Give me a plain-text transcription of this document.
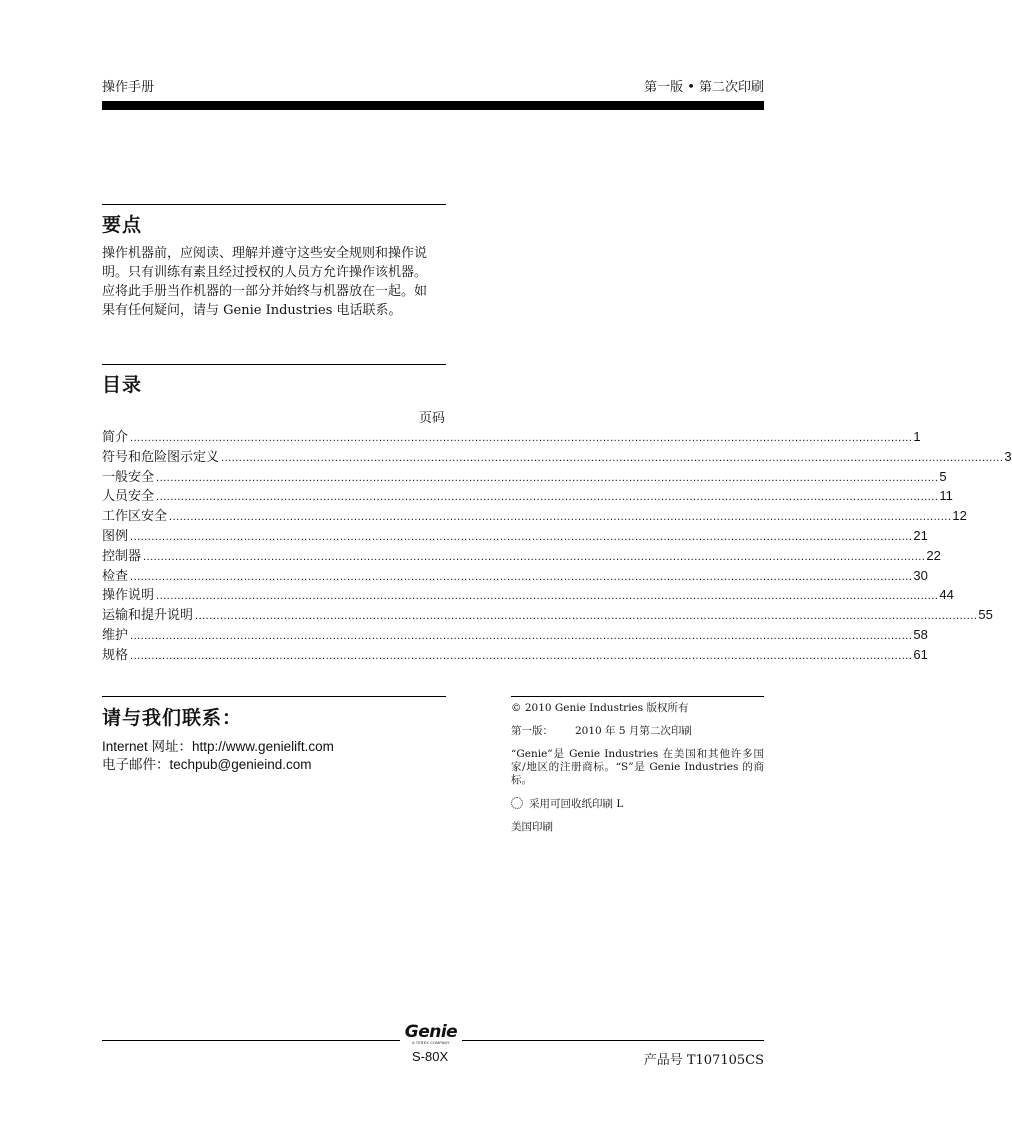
操作手册	第一版 • 第二次印刷
要点
操作机器前，应阅读、理解并遵守这些安全规则和操作说
明。只有训练有素且经过授权的人员方允许操作该机器。
应将此手册当作机器的一部分并始终与机器放在一起。如
果有任何疑问，请与 Genie Industries 电话联系。
目录
页码
简介 ............................................................................................................................................................................................................................ 1
符号和危险图示定义 ............................................................................................................................................................................................................................ 3
一般安全 ............................................................................................................................................................................................................................ 5
人员安全 ............................................................................................................................................................................................................................ 11
工作区安全 ............................................................................................................................................................................................................................ 12
图例 ............................................................................................................................................................................................................................ 21
控制器 ............................................................................................................................................................................................................................ 22
检查 ............................................................................................................................................................................................................................ 30
操作说明 ............................................................................................................................................................................................................................ 44
运输和提升说明 ............................................................................................................................................................................................................................ 55
维护 ............................................................................................................................................................................................................................ 58
规格 ............................................................................................................................................................................................................................ 61
请与我们联系：
Internet 网址：http://www.genielift.com
电子邮件：techpub@genieind.com

© 2010 Genie Industries 版权所有

第一版： 2010 年 5 月第二次印刷

“Genie”是 Genie Industries 在美国和其他许多国家/地区的注册商标。“S”是 Genie Industries 的商标。

采用可回收纸印刷 L

美国印刷

Genie
A TEREX COMPANY
S-80X	产品号 T107105CS
